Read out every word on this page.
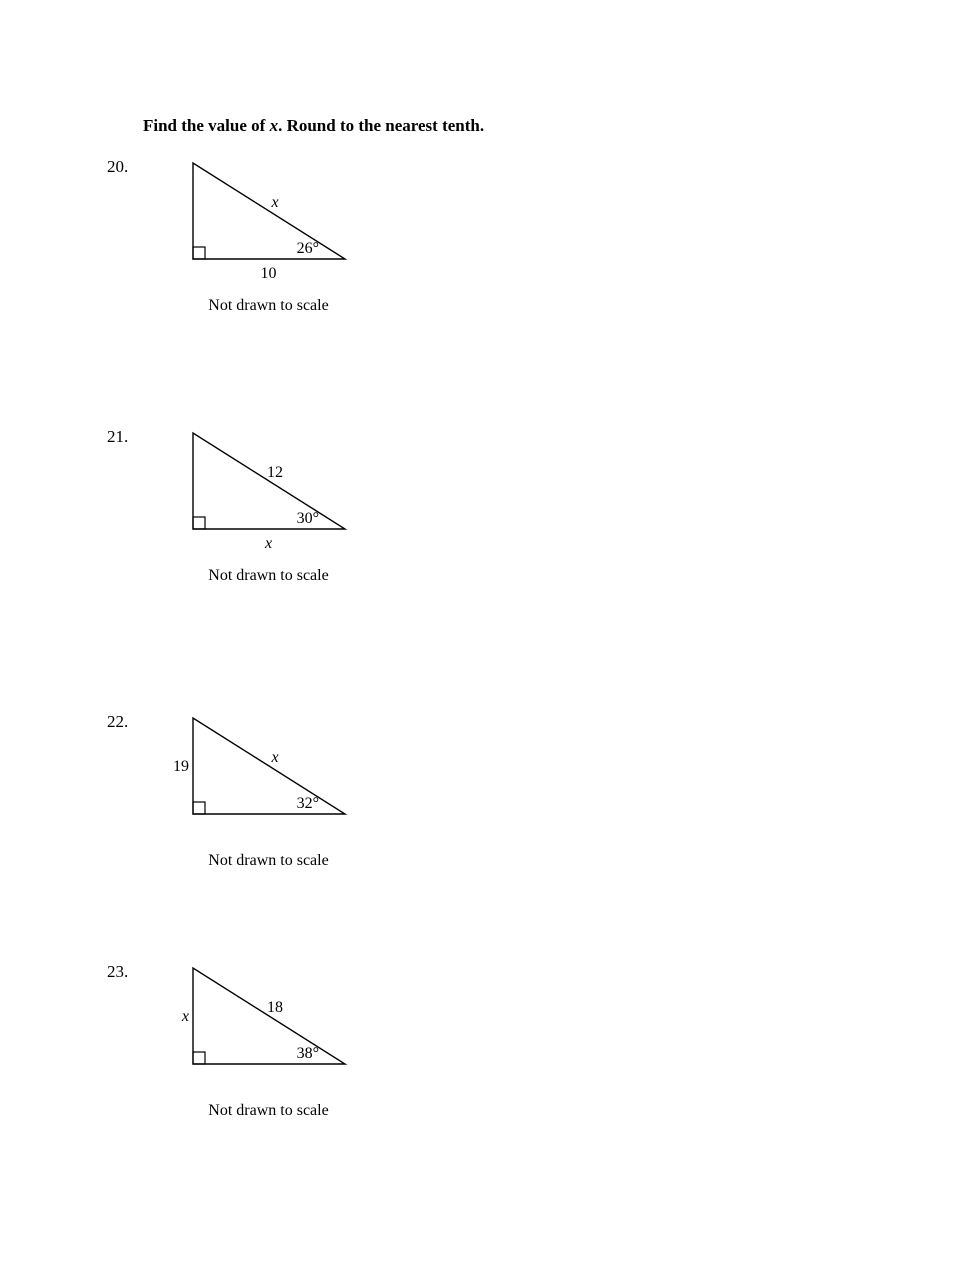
Find the value of x. Round to the nearest tenth.
20.
x
26°
10
Not drawn to scale
21.
12
30°
x
Not drawn to scale
22.
19
x
32°
Not drawn to scale
23.
x
18
38°
Not drawn to scale
